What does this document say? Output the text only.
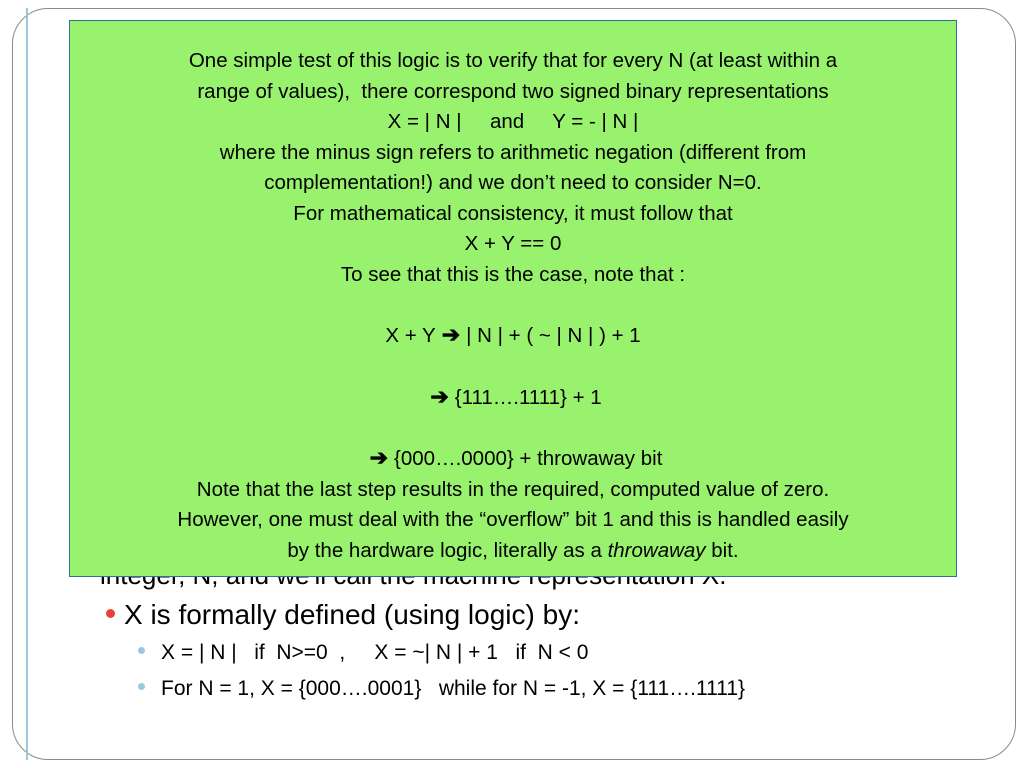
X is formally defined (using logic) by:
X = | N |   if  N>=0  ,     X = ~| N | + 1   if  N < 0
For N = 1, X = {000….0001}   while for N = -1, X = {111….1111}
One simple test of this logic is to verify that for every N (at least within a
range of values),  there correspond two signed binary representations
X = | N |     and     Y = - | N |
where the minus sign refers to arithmetic negation (different from
complementation!) and we don’t need to consider N=0.
For mathematical consistency, it must follow that
X + Y == 0
To see that this is the case, note that :
X + Y ➔ | N | + ( ~ | N | ) + 1
➔ {111….1111} + 1
➔ {000….0000} + throwaway bit
Note that the last step results in the required, computed value of zero.
However, one must deal with the “overflow” bit 1 and this is handled easily
by the hardware logic, literally as a throwaway bit.
